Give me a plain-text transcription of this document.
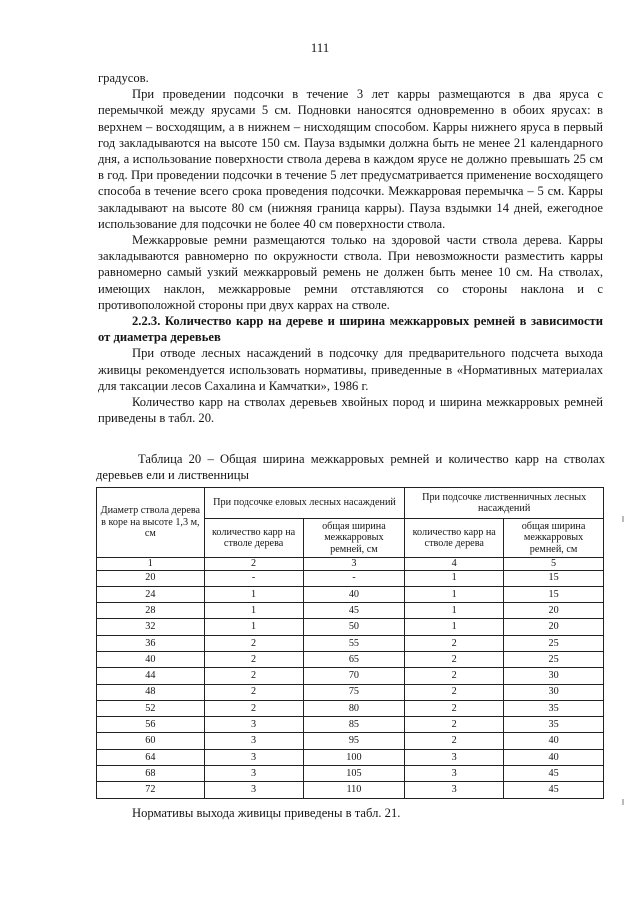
111

градусов.

При проведении подсочки в течение 3 лет карры размещаются в два яруса с перемычкой между ярусами 5 см. Подновки наносятся одновременно в обоих ярусах: в верхнем – восходящим, а в нижнем – нисходящим способом. Карры нижнего яруса в первый год закладываются на высоте 150 см. Пауза вздымки должна быть не менее 21 календарного дня, а использование поверхности ствола дерева в каждом ярусе не должно превышать 25 см в год. При проведении подсочки в течение 5 лет предусматривается применение восходящего способа в течение всего срока проведения подсочки. Межкарровая перемычка – 5 см. Карры закладывают на высоте 80 см (нижняя граница карры). Пауза вздымки 14 дней, ежегодное использование для подсочки не более 40 см поверхности ствола.

Межкарровые ремни размещаются только на здоровой части ствола дерева. Карры закладываются равномерно по окружности ствола. При невозможности разместить карры равномерно самый узкий межкарровый ремень не должен быть менее 10 см. На стволах, имеющих наклон, межкарровые ремни отставляются со стороны наклона и с противоположной стороны при двух каррах на стволе.

2.2.3. Количество карр на дереве и ширина межкарровых ремней в зависимости от диаметра деревьев

При отводе лесных насаждений в подсочку для предварительного подсчета выхода живицы рекомендуется использовать нормативы, приведенные в «Нормативных материалах для таксации лесов Сахалина и Камчатки», 1986 г.

Количество карр на стволах деревьев хвойных пород и ширина межкарровых ремней приведены в табл. 20.

Таблица 20 – Общая ширина межкарровых ремней и количество карр на стволах деревьев ели и лиственницы
Диаметр ствола дерева в коре на высоте 1,3 м, см	При подсочке еловых лесных насаждений		При подсочке лиственничных лесных насаждений	
	количество карр на стволе дерева	общая ширина межкарровых ремней, см	количество карр на стволе дерева	общая ширина межкарровых ремней, см
1	2	3	4	5
20	-	-	1	15
24	1	40	1	15
28	1	45	1	20
32	1	50	1	20
36	2	55	2	25
40	2	65	2	25
44	2	70	2	30
48	2	75	2	30
52	2	80	2	35
56	3	85	2	35
60	3	95	2	40
64	3	100	3	40
68	3	105	3	45
72	3	110	3	45
Нормативы выхода живицы приведены в табл. 21.
